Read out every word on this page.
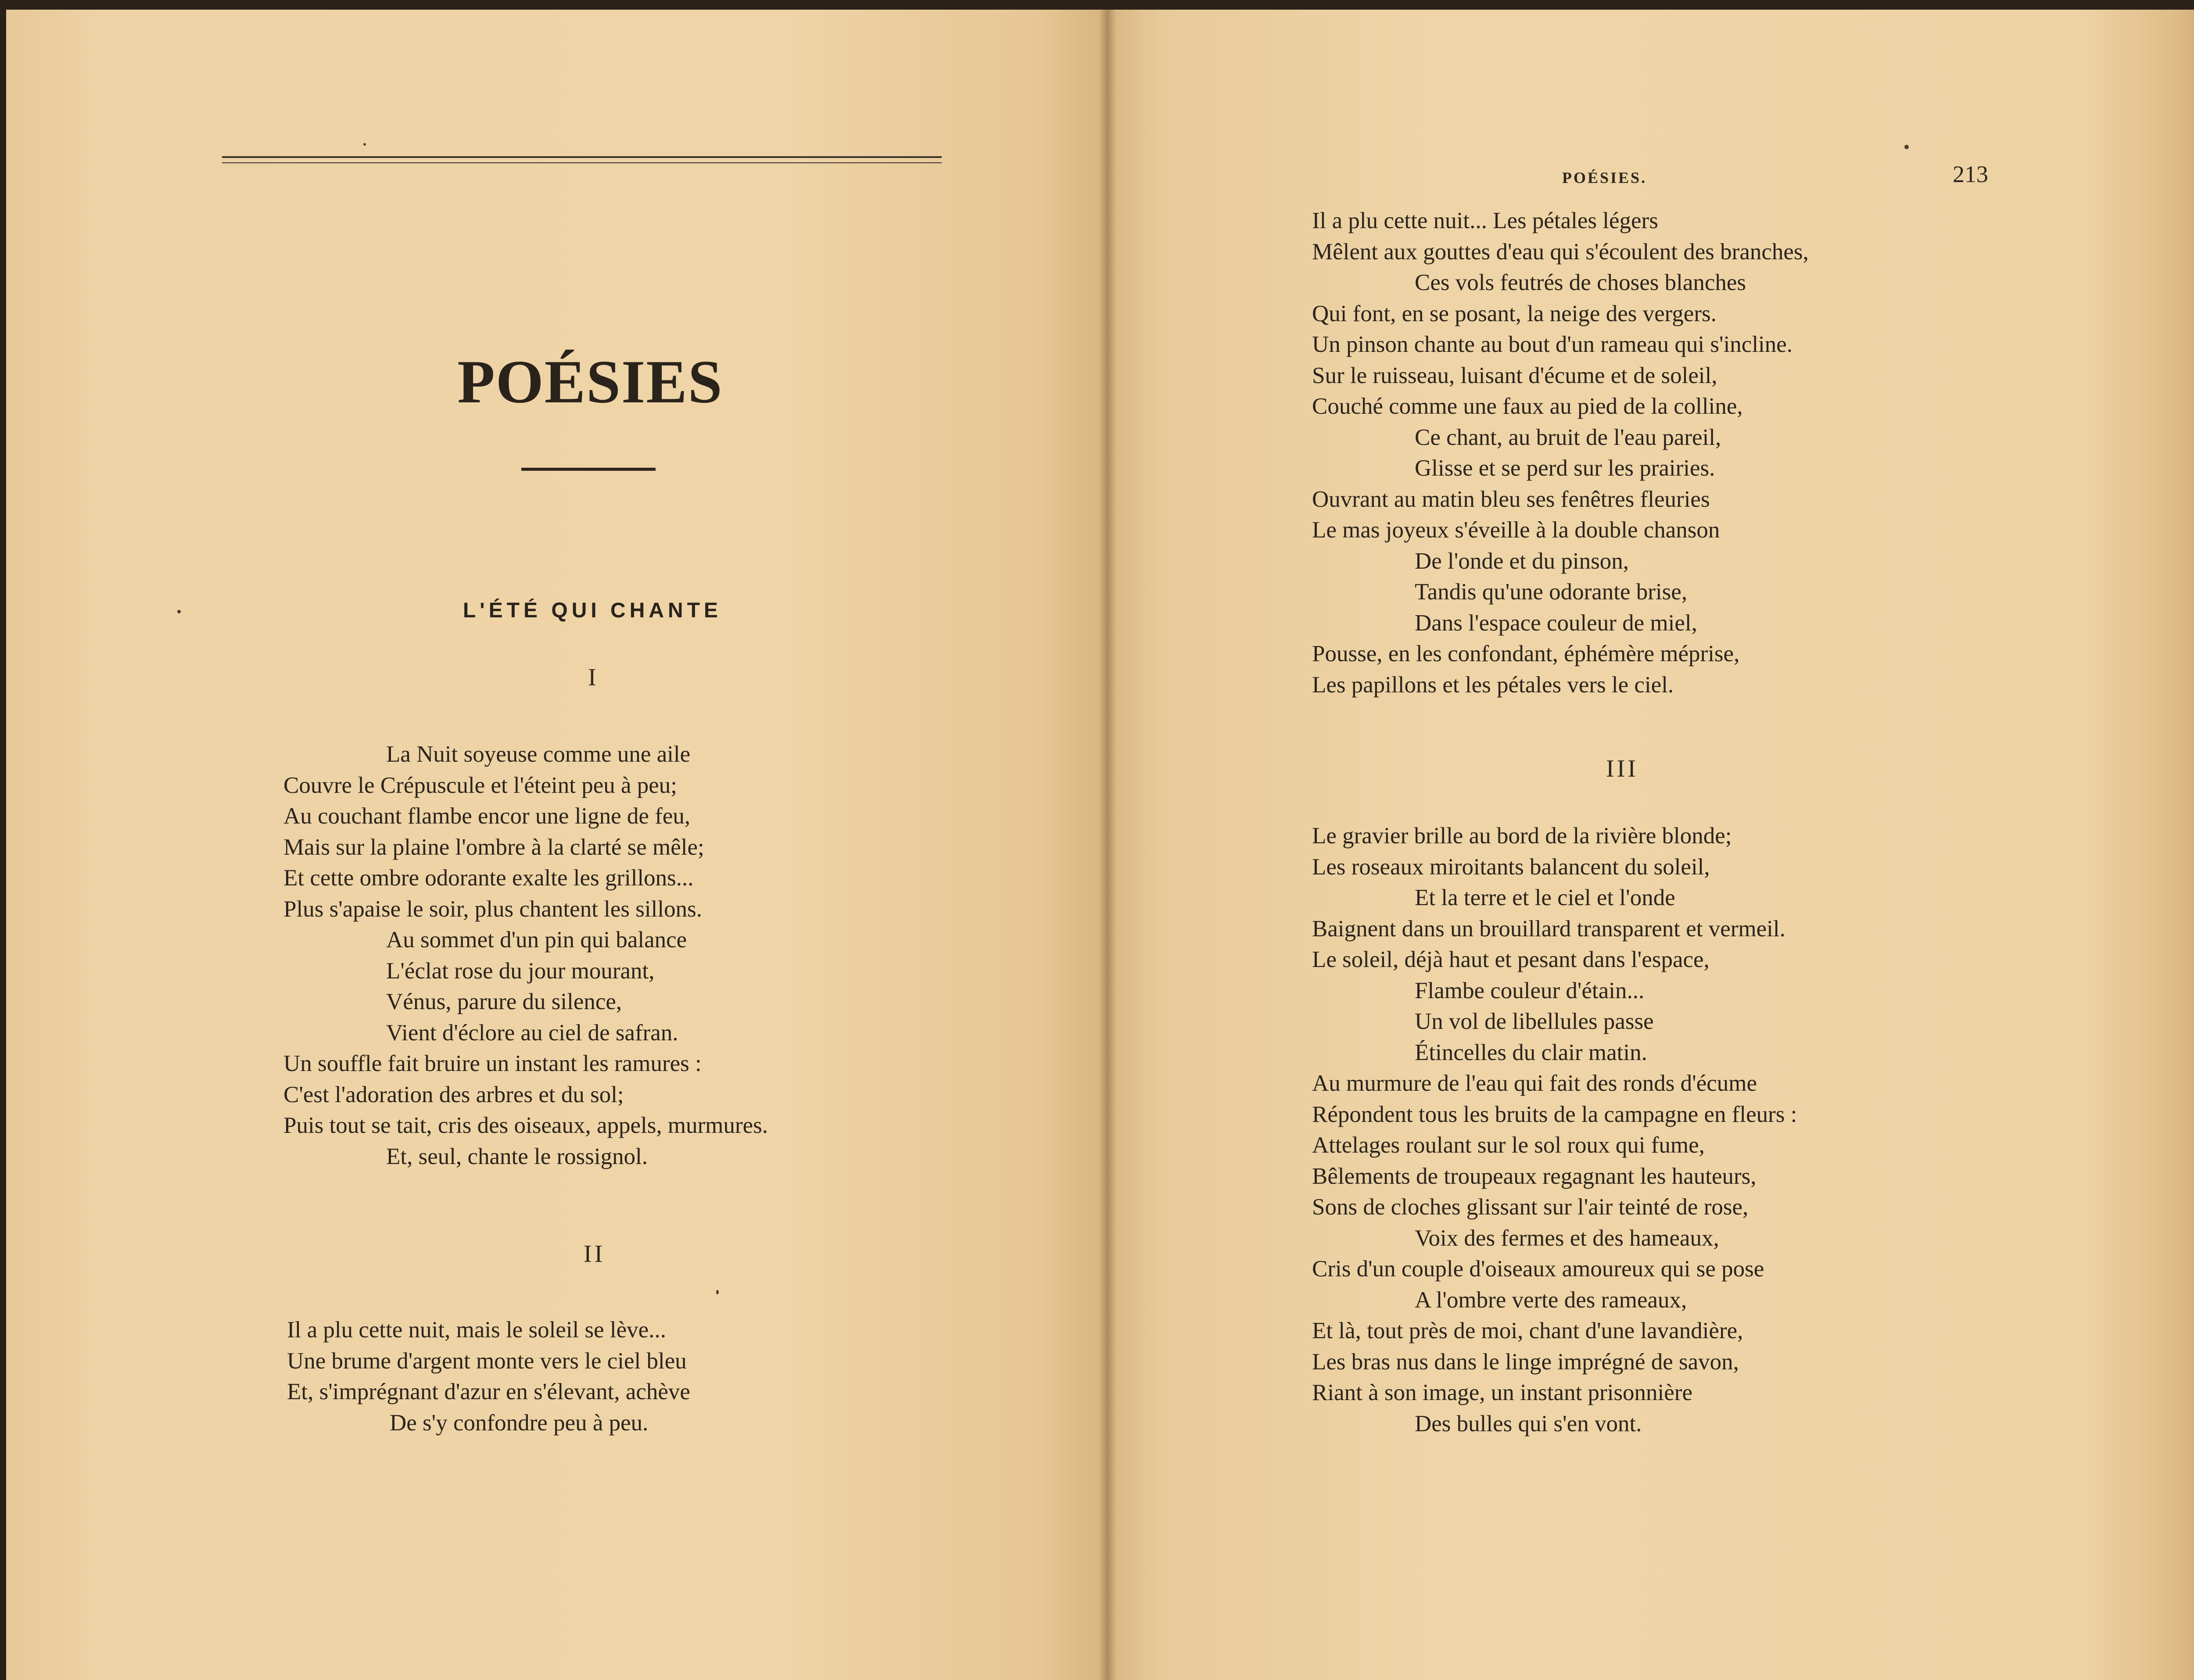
POÉSIES
L'ÉTÉ QUI CHANTE
I
La Nuit soyeuse comme une aile
Couvre le Crépuscule et l'éteint peu à peu;
Au couchant flambe encor une ligne de feu,
Mais sur la plaine l'ombre à la clarté se mêle;
Et cette ombre odorante exalte les grillons...
Plus s'apaise le soir, plus chantent les sillons.
Au sommet d'un pin qui balance
L'éclat rose du jour mourant,
Vénus, parure du silence,
Vient d'éclore au ciel de safran.
Un souffle fait bruire un instant les ramures :
C'est l'adoration des arbres et du sol;
Puis tout se tait, cris des oiseaux, appels, murmures.
Et, seul, chante le rossignol.
II
Il a plu cette nuit, mais le soleil se lève...
Une brume d'argent monte vers le ciel bleu
Et, s'imprégnant d'azur en s'élevant, achève
De s'y confondre peu à peu.
POÉSIES.	213
Il a plu cette nuit... Les pétales légers
Mêlent aux gouttes d'eau qui s'écoulent des branches,
Ces vols feutrés de choses blanches
Qui font, en se posant, la neige des vergers.
Un pinson chante au bout d'un rameau qui s'incline.
Sur le ruisseau, luisant d'écume et de soleil,
Couché comme une faux au pied de la colline,
Ce chant, au bruit de l'eau pareil,
Glisse et se perd sur les prairies.
Ouvrant au matin bleu ses fenêtres fleuries
Le mas joyeux s'éveille à la double chanson
De l'onde et du pinson,
Tandis qu'une odorante brise,
Dans l'espace couleur de miel,
Pousse, en les confondant, éphémère méprise,
Les papillons et les pétales vers le ciel.
III
Le gravier brille au bord de la rivière blonde;
Les roseaux miroitants balancent du soleil,
Et la terre et le ciel et l'onde
Baignent dans un brouillard transparent et vermeil.
Le soleil, déjà haut et pesant dans l'espace,
Flambe couleur d'étain...
Un vol de libellules passe
Étincelles du clair matin.
Au murmure de l'eau qui fait des ronds d'écume
Répondent tous les bruits de la campagne en fleurs :
Attelages roulant sur le sol roux qui fume,
Bêlements de troupeaux regagnant les hauteurs,
Sons de cloches glissant sur l'air teinté de rose,
Voix des fermes et des hameaux,
Cris d'un couple d'oiseaux amoureux qui se pose
A l'ombre verte des rameaux,
Et là, tout près de moi, chant d'une lavandière,
Les bras nus dans le linge imprégné de savon,
Riant à son image, un instant prisonnière
Des bulles qui s'en vont.
